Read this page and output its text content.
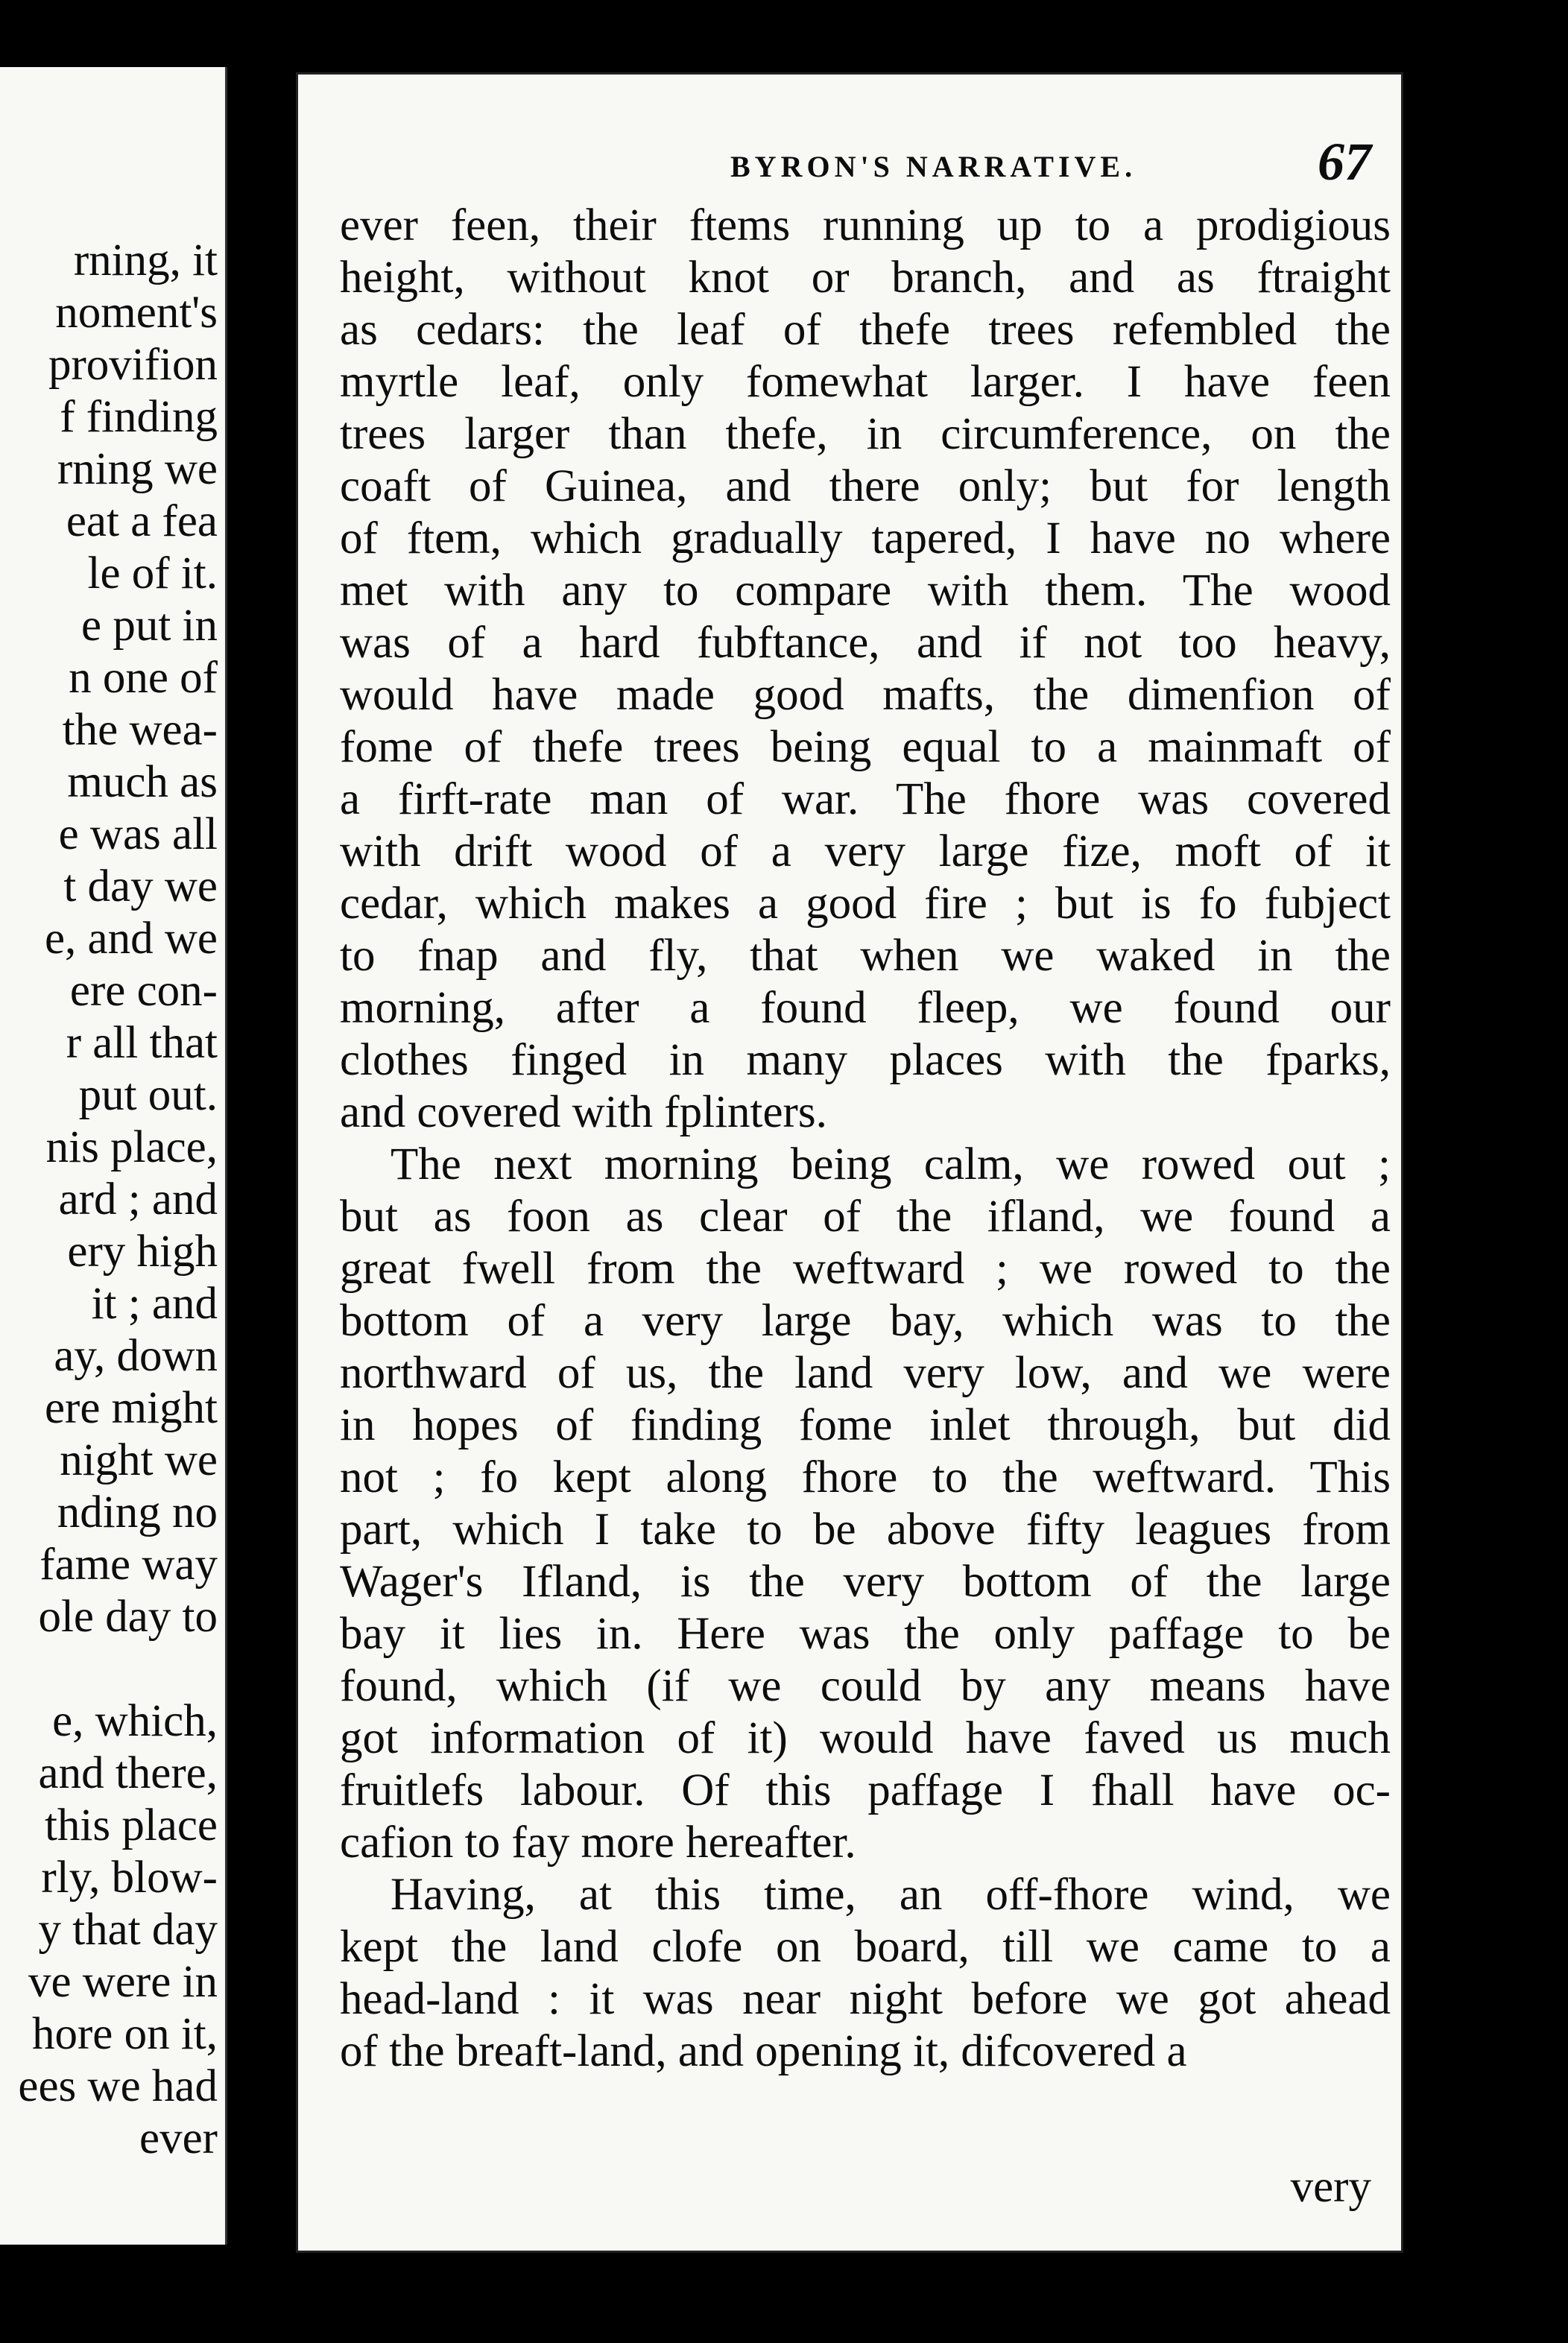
rning, it
noment's
provifion
f finding
rning we
eat a fea
le of it.
e put in
n one of
the wea-
much as
e was all
t day we
e, and we
ere con-
r all that
put out.
nis place,
ard ; and
ery high
it ; and
ay, down
ere might
night we
nding no
fame way
ole day to
e, which,
and there,
this place
rly, blow-
y that day
ve were in
hore on it,
ees we had
ever
BYRON'S NARRATIVE.	67
ever feen, their ftems running up to a prodigious
height, without knot or branch, and as ftraight
as cedars: the leaf of thefe trees refembled the
myrtle leaf, only fomewhat larger. I have feen
trees larger than thefe, in circumference, on the
coaft of Guinea, and there only; but for length
of ftem, which gradually tapered, I have no where
met with any to compare with them. The wood
was of a hard fubftance, and if not too heavy,
would have made good mafts, the dimenfion of
fome of thefe trees being equal to a mainmaft of
a firft-rate man of war. The fhore was covered
with drift wood of a very large fize, moft of it
cedar, which makes a good fire ; but is fo fubject
to fnap and fly, that when we waked in the
morning, after a found fleep, we found our
clothes finged in many places with the fparks,
and covered with fplinters.
The next morning being calm, we rowed out ;
but as foon as clear of the ifland, we found a
great fwell from the weftward ; we rowed to the
bottom of a very large bay, which was to the
northward of us, the land very low, and we were
in hopes of finding fome inlet through, but did
not ; fo kept along fhore to the weftward. This
part, which I take to be above fifty leagues from
Wager's Ifland, is the very bottom of the large
bay it lies in. Here was the only paffage to be
found, which (if we could by any means have
got information of it) would have faved us much
fruitlefs labour. Of this paffage I fhall have oc-
cafion to fay more hereafter.
Having, at this time, an off-fhore wind, we
kept the land clofe on board, till we came to a
head-land : it was near night before we got ahead
of the breaft-land, and opening it, difcovered a
very
